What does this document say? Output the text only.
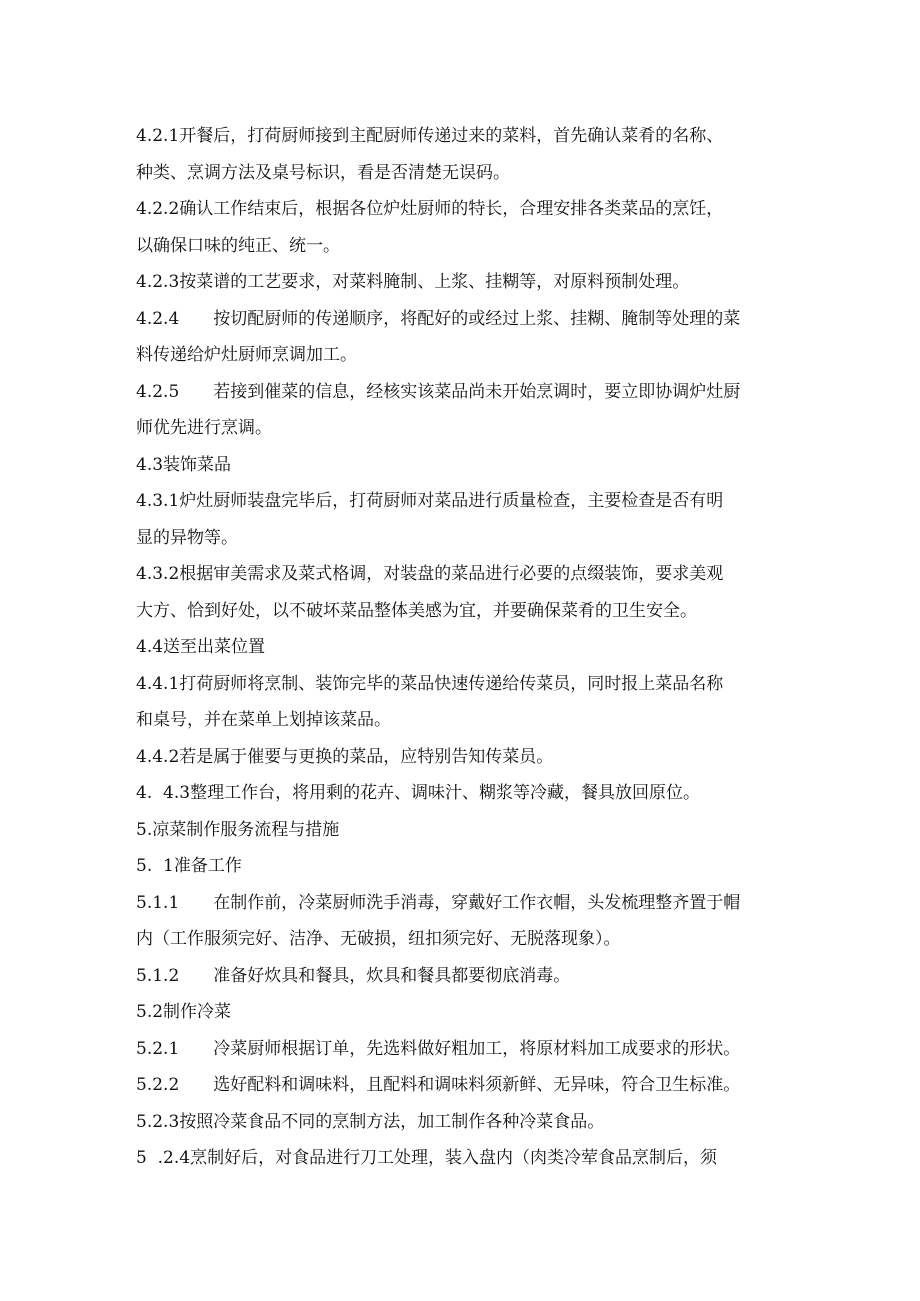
4.2.1开餐后，打荷厨师接到主配厨师传递过来的菜料，首先确认菜肴的名称、
种类、烹调方法及桌号标识，看是否清楚无误码。
4.2.2确认工作结束后，根据各位炉灶厨师的特长，合理安排各类菜品的烹饪，
以确保口味的纯正、统一。
4.2.3按菜谱的工艺要求，对菜料腌制、上浆、挂糊等，对原料预制处理。
4.2.4　　按切配厨师的传递顺序，将配好的或经过上浆、挂糊、腌制等处理的菜
料传递给炉灶厨师烹调加工。
4.2.5　　若接到催菜的信息，经核实该菜品尚未开始烹调时，要立即协调炉灶厨
师优先进行烹调。
4.3装饰菜品
4.3.1炉灶厨师装盘完毕后，打荷厨师对菜品进行质量检查，主要检查是否有明
显的异物等。
4.3.2根据审美需求及菜式格调，对装盘的菜品进行必要的点缀装饰，要求美观
大方、恰到好处，以不破坏菜品整体美感为宜，并要确保菜肴的卫生安全。
4.4送至出菜位置
4.4.1打荷厨师将烹制、装饰完毕的菜品快速传递给传菜员，同时报上菜品名称
和桌号，并在菜单上划掉该菜品。
4.4.2若是属于催要与更换的菜品，应特别告知传菜员。
4.  4.3整理工作台，将用剩的花卉、调味汁、糊浆等冷藏，餐具放回原位。
5.凉菜制作服务流程与措施
5.  1准备工作
5.1.1　　在制作前，冷菜厨师洗手消毒，穿戴好工作衣帽，头发梳理整齐置于帽
内（工作服须完好、洁净、无破损，纽扣须完好、无脱落现象）。
5.1.2　　准备好炊具和餐具，炊具和餐具都要彻底消毒。
5.2制作冷菜
5.2.1　　冷菜厨师根据订单，先选料做好粗加工，将原材料加工成要求的形状。
5.2.2　　选好配料和调味料，且配料和调味料须新鲜、无异味，符合卫生标准。
5.2.3按照冷菜食品不同的烹制方法，加工制作各种冷菜食品。
5  .2.4烹制好后，对食品进行刀工处理，装入盘内（肉类冷荤食品烹制后，须
